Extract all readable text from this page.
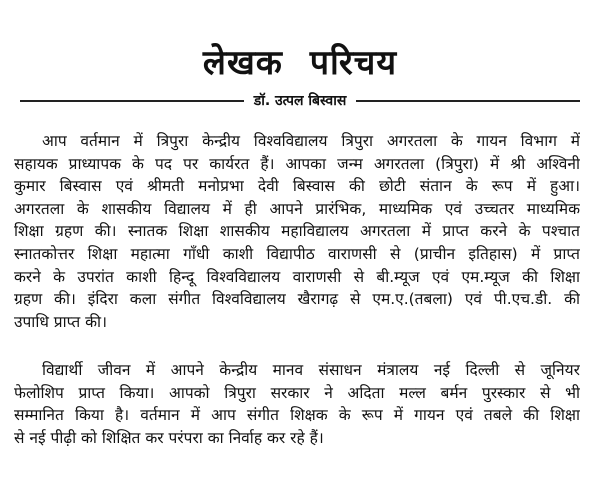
लेखक परिचय
डॉ. उत्पल बिस्वास
आप वर्तमान में त्रिपुरा केन्द्रीय विश्वविद्यालय त्रिपुरा अगरतला के गायन विभाग में
सहायक प्राध्यापक के पद पर कार्यरत हैं। आपका जन्म अगरतला (त्रिपुरा) में श्री अश्विनी
कुमार बिस्वास एवं श्रीमती मनोप्रभा देवी बिस्वास की छोटी संतान के रूप में हुआ।
अगरतला के शासकीय विद्यालय में ही आपने प्रारंभिक, माध्यमिक एवं उच्चतर माध्यमिक
शिक्षा ग्रहण की। स्नातक शिक्षा शासकीय महाविद्यालय अगरतला में प्राप्त करने के पश्चात
स्नातकोत्तर शिक्षा महात्मा गाँधी काशी विद्यापीठ वाराणसी से (प्राचीन इतिहास) में प्राप्त
करने के उपरांत काशी हिन्दू विश्वविद्यालय वाराणसी से बी.म्यूज एवं एम.म्यूज की शिक्षा
ग्रहण की। इंदिरा कला संगीत विश्वविद्यालय खैरागढ़ से एम.ए.(तबला) एवं पी.एच.डी. की
उपाधि प्राप्त की।
विद्यार्थी जीवन में आपने केन्द्रीय मानव संसाधन मंत्रालय नई दिल्ली से जूनियर
फेलोशिप प्राप्त किया। आपको त्रिपुरा सरकार ने अदिता मल्ल बर्मन पुरस्कार से भी
सम्मानित किया है। वर्तमान में आप संगीत शिक्षक के रूप में गायन एवं तबले की शिक्षा
से नई पीढ़ी को शिक्षित कर परंपरा का निर्वाह कर रहे हैं।
